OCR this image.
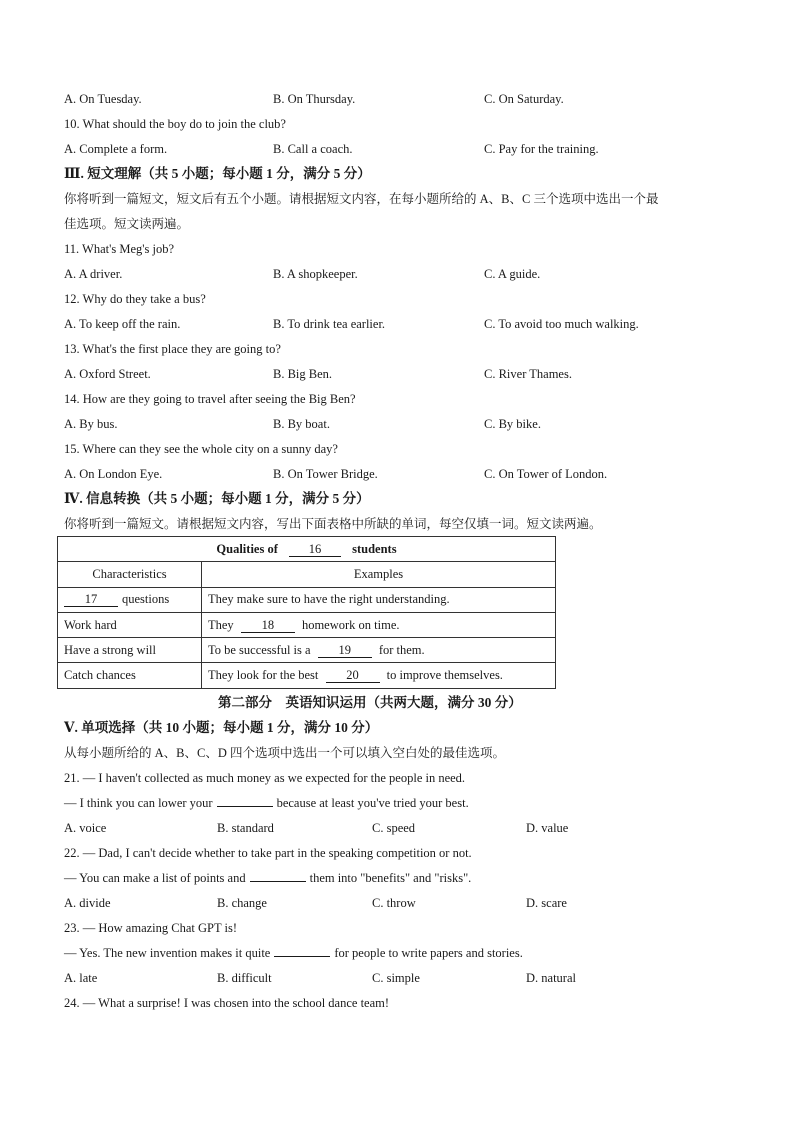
A. On Tuesday.	B. On Thursday.	C. On Saturday.
10. What should the boy do to join the club?
A. Complete a form.	B. Call a coach.	C. Pay for the training.
Ⅲ. 短文理解（共 5 小题；每小题 1 分，满分 5 分）
你将听到一篇短文，短文后有五个小题。请根据短文内容，在每小题所给的 A、B、C 三个选项中选出一个最
佳选项。短文读两遍。
11. What's Meg's job?
A. A driver.	B. A shopkeeper.	C. A guide.
12. Why do they take a bus?
A. To keep off the rain.	B. To drink tea earlier.	C. To avoid too much walking.
13. What's the first place they are going to?
A. Oxford Street.	B. Big Ben.	C. River Thames.
14. How are they going to travel after seeing the Big Ben?
A. By bus.	B. By boat.	C. By bike.
15. Where can they see the whole city on a sunny day?
A. On London Eye.	B. On Tower Bridge.	C. On Tower of London.
Ⅳ. 信息转换（共 5 小题；每小题 1 分，满分 5 分）
你将听到一篇短文。请根据短文内容，写出下面表格中所缺的单词，每空仅填一词。短文读两遍。
Qualities of 16 students	
Characteristics	Examples
17 questions	They make sure to have the right understanding.
Work hard	They 18 homework on time.
Have a strong will	To be successful is a 19 for them.
Catch chances	They look for the best 20 to improve themselves.
第二部分　英语知识运用（共两大题，满分 30 分）
Ⅴ. 单项选择（共 10 小题；每小题 1 分，满分 10 分）
从每小题所给的 A、B、C、D 四个选项中选出一个可以填入空白处的最佳选项。
21. — I haven't collected as much money as we expected for the people in need.
— I think you can lower your	because at least you've tried your best.
A. voice	B. standard	C. speed	D. value
22. — Dad, I can't decide whether to take part in the speaking competition or not.
— You can make a list of points and	them into "benefits" and "risks".
A. divide	B. change	C. throw	D. scare
23. — How amazing Chat GPT is!
— Yes. The new invention makes it quite	for people to write papers and stories.
A. late	B. difficult	C. simple	D. natural
24. — What a surprise! I was chosen into the school dance team!
